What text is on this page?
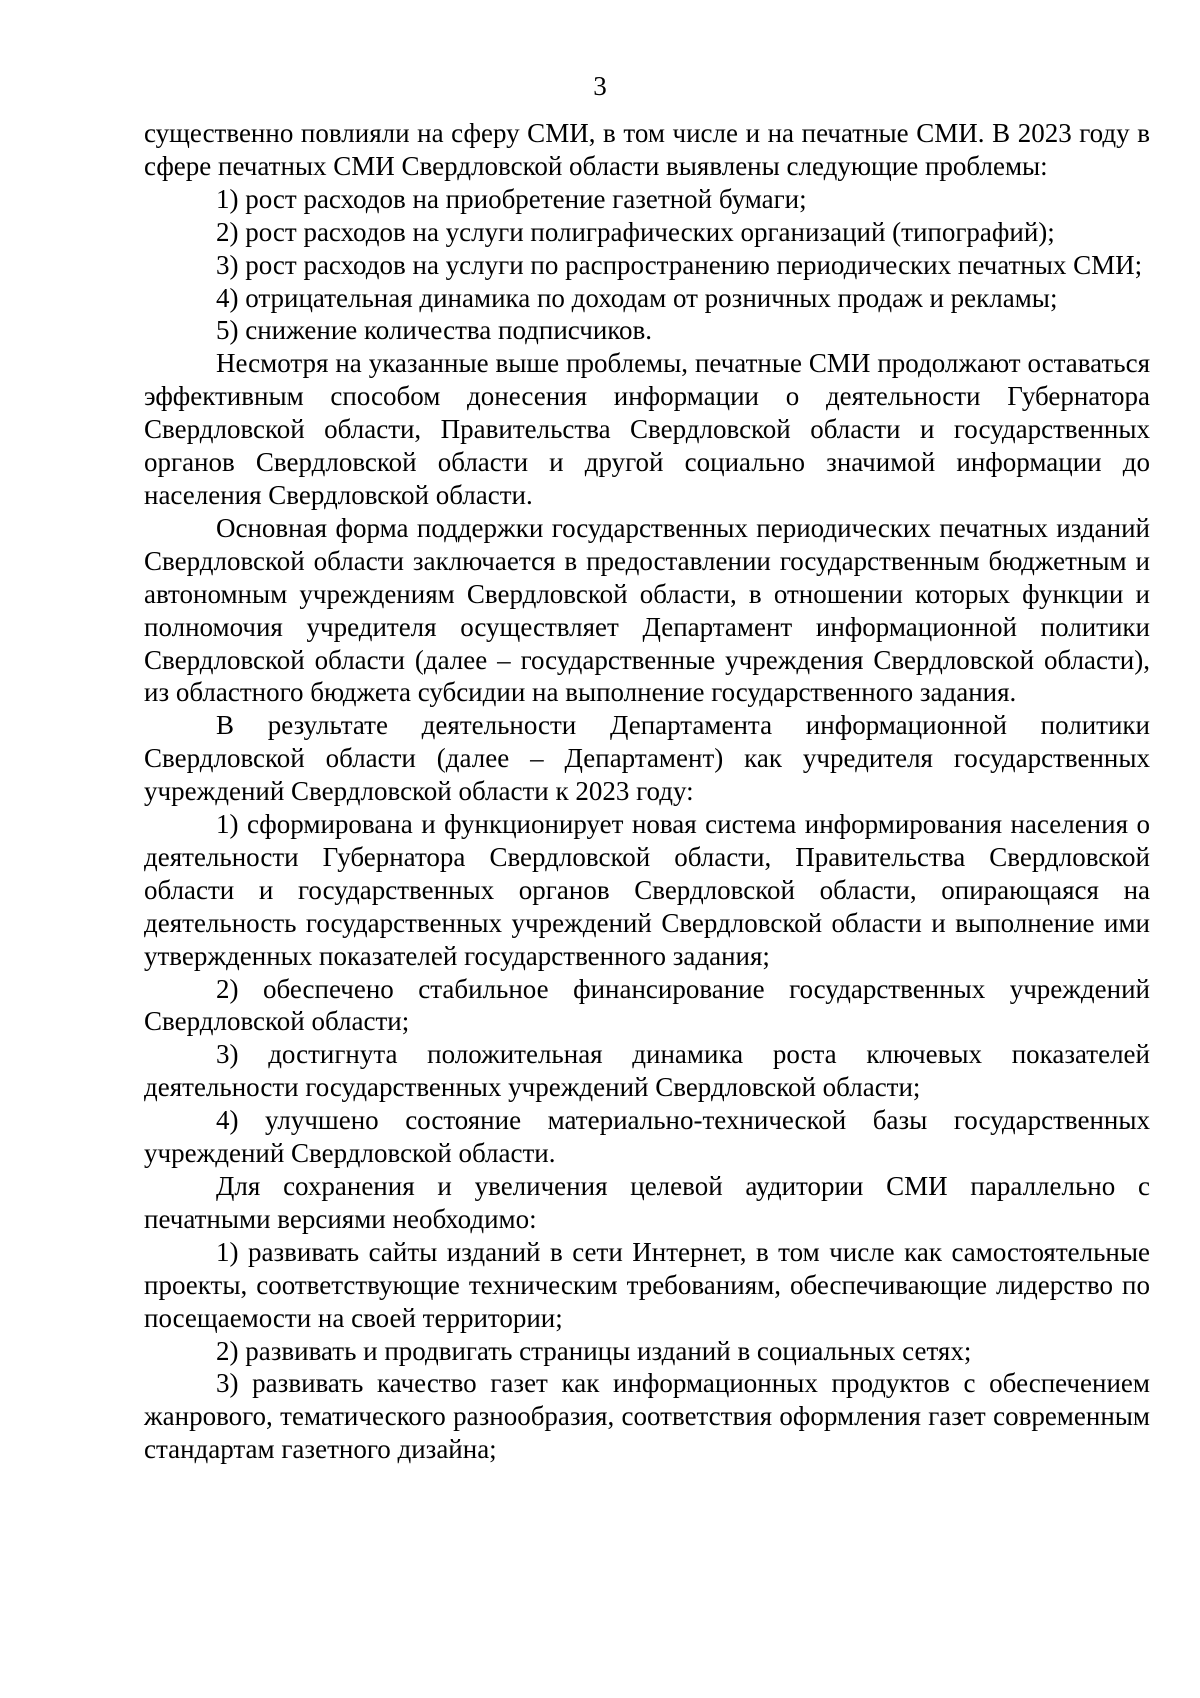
3

существенно повлияли на сферу СМИ, в том числе и на печатные СМИ. В 2023 году в сфере печатных СМИ Свердловской области выявлены следующие проблемы:

1) рост расходов на приобретение газетной бумаги;

2) рост расходов на услуги полиграфических организаций (типографий);

3) рост расходов на услуги по распространению периодических печатных СМИ;

4) отрицательная динамика по доходам от розничных продаж и рекламы;

5) снижение количества подписчиков.

Несмотря на указанные выше проблемы, печатные СМИ продолжают оставаться эффективным способом донесения информации о деятельности Губернатора Свердловской области, Правительства Свердловской области и государственных органов Свердловской области и другой социально значимой информации до населения Свердловской области.

Основная форма поддержки государственных периодических печатных изданий Свердловской области заключается в предоставлении государственным бюджетным и автономным учреждениям Свердловской области, в отношении которых функции и полномочия учредителя осуществляет Департамент информационной политики Свердловской области (далее – государственные учреждения Свердловской области), из областного бюджета субсидии на выполнение государственного задания.

В результате деятельности Департамента информационной политики Свердловской области (далее – Департамент) как учредителя государственных учреждений Свердловской области к 2023 году:

1) сформирована и функционирует новая система информирования населения о деятельности Губернатора Свердловской области, Правительства Свердловской области и государственных органов Свердловской области, опирающаяся на деятельность государственных учреждений Свердловской области и выполнение ими утвержденных показателей государственного задания;

2) обеспечено стабильное финансирование государственных учреждений Свердловской области;

3) достигнута положительная динамика роста ключевых показателей деятельности государственных учреждений Свердловской области;

4) улучшено состояние материально-технической базы государственных учреждений Свердловской области.

Для сохранения и увеличения целевой аудитории СМИ параллельно с печатными версиями необходимо:

1) развивать сайты изданий в сети Интернет, в том числе как самостоятельные проекты, соответствующие техническим требованиям, обеспечивающие лидерство по посещаемости на своей территории;

2) развивать и продвигать страницы изданий в социальных сетях;

3) развивать качество газет как информационных продуктов с обеспечением жанрового, тематического разнообразия, соответствия оформления газет современным стандартам газетного дизайна;
